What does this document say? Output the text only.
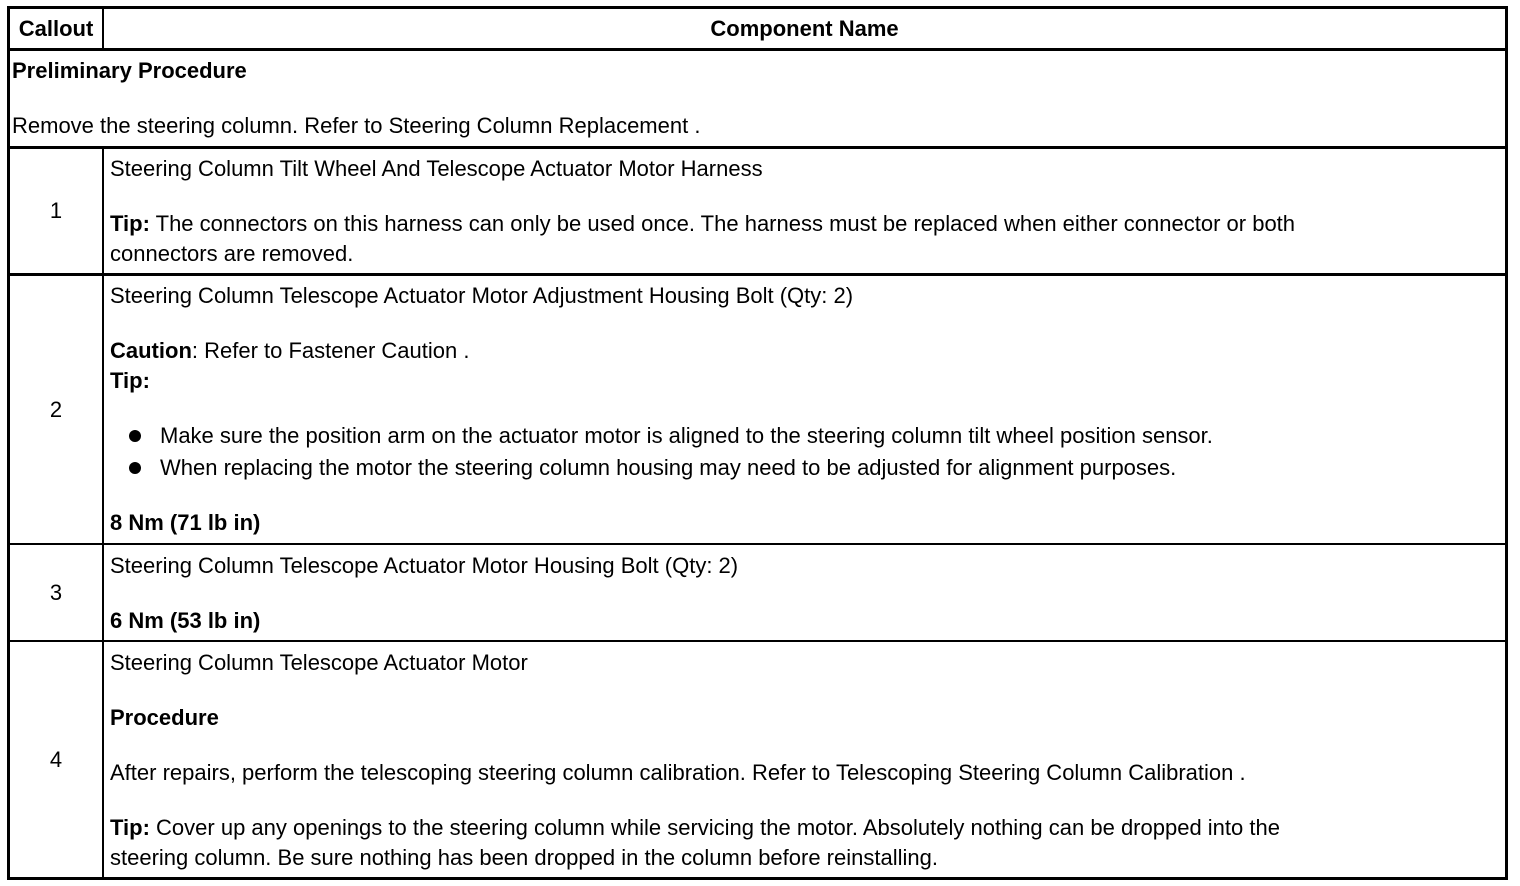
Callout	Component Name
Preliminary Procedure
Remove the steering column. Refer to Steering Column Replacement .
1
Steering Column Tilt Wheel And Telescope Actuator Motor Harness
Tip: The connectors on this harness can only be used once. The harness must be replaced when either connector or both
connectors are removed.
2
Steering Column Telescope Actuator Motor Adjustment Housing Bolt (Qty: 2)
Caution: Refer to Fastener Caution .
Tip:
Make sure the position arm on the actuator motor is aligned to the steering column tilt wheel position sensor.
When replacing the motor the steering column housing may need to be adjusted for alignment purposes.
8 Nm (71 lb in)
3
Steering Column Telescope Actuator Motor Housing Bolt (Qty: 2)
6 Nm (53 lb in)
4
Steering Column Telescope Actuator Motor
Procedure
After repairs, perform the telescoping steering column calibration. Refer to Telescoping Steering Column Calibration .
Tip: Cover up any openings to the steering column while servicing the motor. Absolutely nothing can be dropped into the
steering column. Be sure nothing has been dropped in the column before reinstalling.
